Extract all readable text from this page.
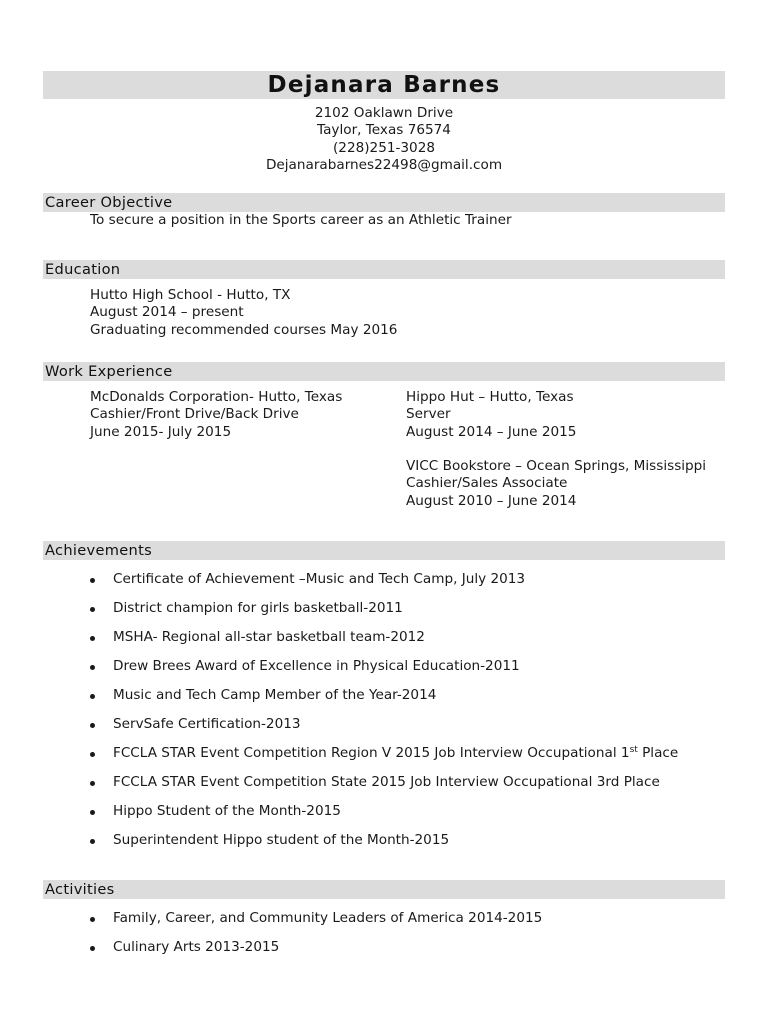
Dejanara Barnes
2102 Oaklawn Drive
Taylor, Texas 76574
(228)251-3028
Dejanarabarnes22498@gmail.com
Career Objective
To secure a position in the Sports career as an Athletic Trainer
Education
Hutto High School - Hutto, TX
August 2014 – present
Graduating recommended courses May 2016
Work Experience
McDonalds Corporation- Hutto, Texas
Cashier/Front Drive/Back Drive
June 2015- July 2015
Hippo Hut – Hutto, Texas
Server
August 2014 – June 2015
VICC Bookstore – Ocean Springs, Mississippi
Cashier/Sales Associate
August 2010 – June 2014
Achievements
Certificate of Achievement –Music and Tech Camp, July 2013
District champion for girls basketball-2011
MSHA- Regional all-star basketball team-2012
Drew Brees Award of Excellence in Physical Education-2011
Music and Tech Camp Member of the Year-2014
ServSafe Certification-2013
FCCLA STAR Event Competition Region V 2015 Job Interview Occupational 1st Place
FCCLA STAR Event Competition State 2015 Job Interview Occupational 3rd Place
Hippo Student of the Month-2015
Superintendent Hippo student of the Month-2015
Activities
Family, Career, and Community Leaders of America 2014-2015
Culinary Arts 2013-2015
